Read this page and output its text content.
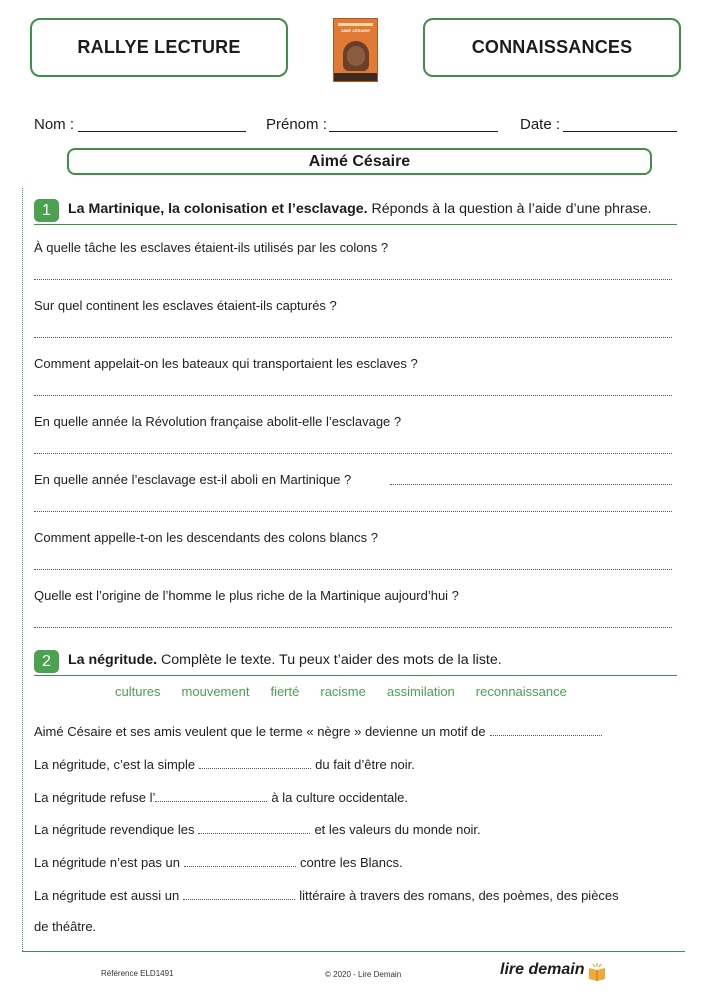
RALLYE LECTURE
AIMÉ CÉSAIRE
CONNAISSANCES
Nom :	Prénom :	Date :
Aimé Césaire
1	La Martinique, la colonisation et l’esclavage. Réponds à la question à l’aide d’une phrase.
À quelle tâche les esclaves étaient-ils utilisés par les colons ?
Sur quel continent les esclaves étaient-ils capturés ?
Comment appelait-on les bateaux qui transportaient les esclaves ?
En quelle année la Révolution française abolit-elle l’esclavage ?
En quelle année l’esclavage est-il aboli en Martinique ?
Comment appelle-t-on les descendants des colons blancs ?
Quelle est l’origine de l’homme le plus riche de la Martinique aujourd’hui ?
2	La négritude. Complète le texte. Tu peux t’aider des mots de la liste.
cultures mouvement fierté racisme assimilation reconnaissance
Aimé Césaire et ses amis veulent que le terme « nègre » devienne un motif de
La négritude, c’est la simple	du fait d’être noir.
La négritude refuse l’	à la culture occidentale.
La négritude revendique les	et les valeurs du monde noir.
La négritude n’est pas un	contre les Blancs.
La négritude est aussi un	littéraire à travers des romans, des poèmes, des pièces
de théâtre.
Référence ELD1491	© 2020 - Lire Demain	lire demain
